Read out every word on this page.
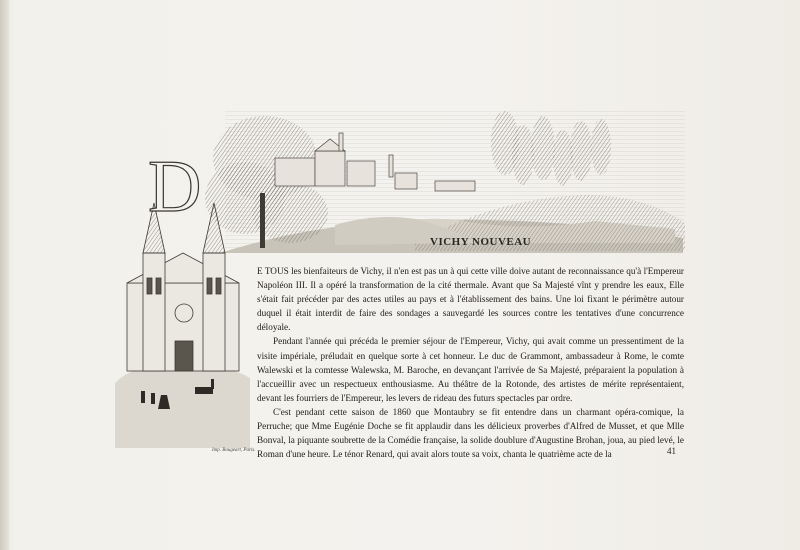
D
VICHY NOUVEAU
Imp. Bougeart, Paris.

E TOUS les bienfaiteurs de Vichy, il n'en est pas un à qui cette ville doive autant de reconnaissance qu'à l'Empereur Napoléon III. Il a opéré la transformation de la cité thermale. Avant que Sa Majesté vînt y prendre les eaux, Elle s'était fait précéder par des actes utiles au pays et à l'établissement des bains. Une loi fixant le périmètre autour duquel il était interdit de faire des sondages a sauvegardé les sources contre les tentatives d'une concurrence déloyale.

Pendant l'année qui précéda le premier séjour de l'Empereur, Vichy, qui avait comme un pressentiment de la visite impériale, préludait en quelque sorte à cet honneur. Le duc de Grammont, ambassadeur à Rome, le comte Walewski et la comtesse Walewska, M. Baroche, en devançant l'arrivée de Sa Majesté, préparaient la population à l'accueillir avec un respectueux enthousiasme. Au théâtre de la Rotonde, des artistes de mérite représentaient, devant les fourriers de l'Empereur, les levers de rideau des futurs spectacles par ordre.

C'est pendant cette saison de 1860 que Montaubry se fit entendre dans un charmant opéra-comique, la Perruche; que Mme Eugénie Doche se fit applaudir dans les délicieux proverbes d'Alfred de Musset, et que Mlle Bonval, la piquante soubrette de la Comédie française, la solide doublure d'Augustine Brohan, joua, au pied levé, le Roman d'une heure. Le ténor Renard, qui avait alors toute sa voix, chanta le quatrième acte de la	41
